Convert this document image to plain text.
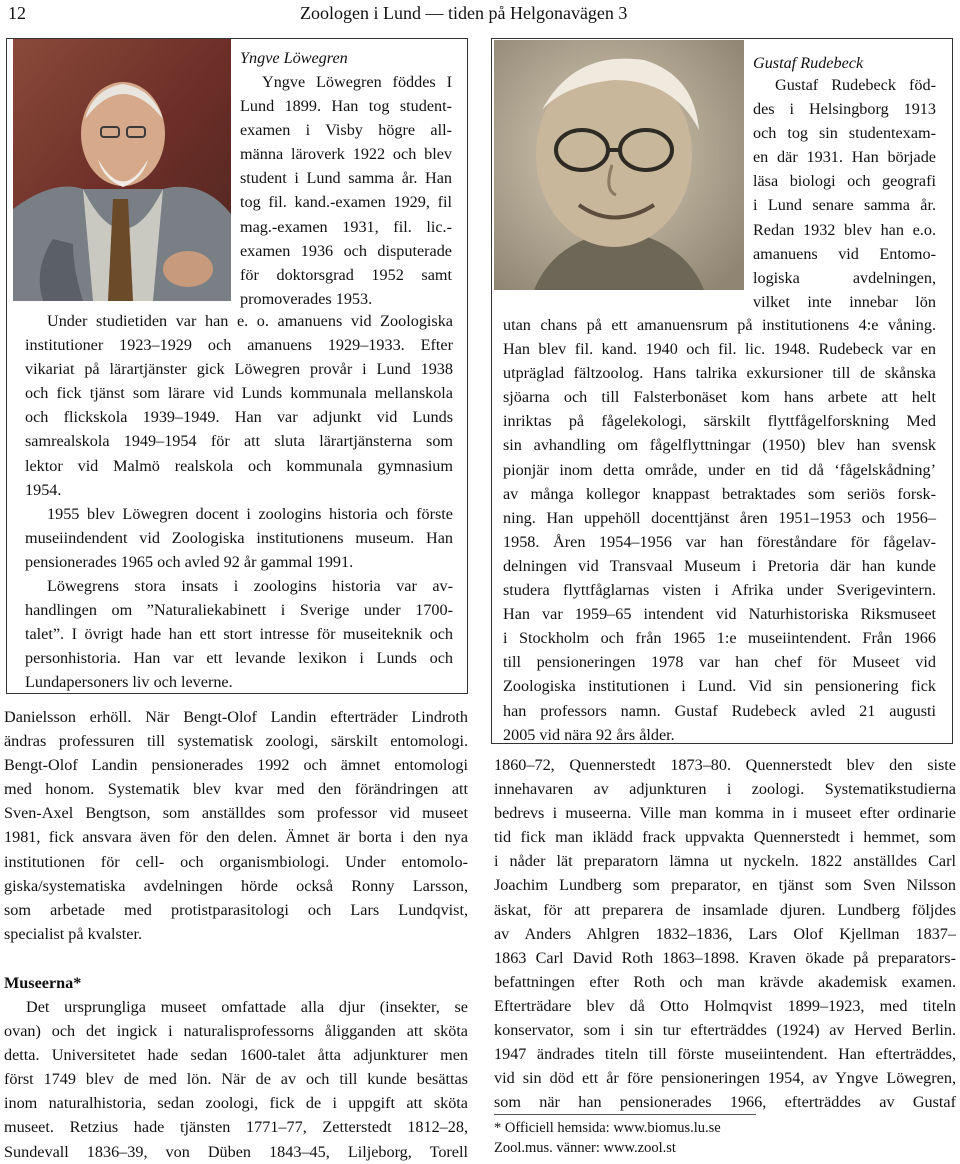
12	Zoologen i Lund — tiden på Helgonavägen 3
Yngve Löwegren
Yngve Löwegren föddes I
Lund 1899. Han tog student-
examen i Visby högre all-
männa läroverk 1922 och blev
student i Lund samma år. Han
tog fil. kand.-examen 1929, fil
mag.-examen 1931, fil. lic.-
examen 1936 och disputerade
för doktorsgrad 1952 samt
promoverades 1953.
Under studietiden var han e. o. amanuens vid Zoologiska
institutioner 1923–1929 och amanuens 1929–1933. Efter
vikariat på lärartjänster gick Löwegren provår i Lund 1938
och fick tjänst som lärare vid Lunds kommunala mellanskola
och flickskola 1939–1949. Han var adjunkt vid Lunds
samrealskola 1949–1954 för att sluta lärartjänsterna som
lektor vid Malmö realskola och kommunala gymnasium
1954.
1955 blev Löwegren docent i zoologins historia och förste
museiindendent vid Zoologiska institutionens museum. Han
pensionerades 1965 och avled 92 år gammal 1991.
Löwegrens stora insats i zoologins historia var av-
handlingen om ”Naturaliekabinett i Sverige under 1700-
talet”. I övrigt hade han ett stort intresse för museiteknik och
personhistoria. Han var ett levande lexikon i Lunds och
Lundapersoners liv och leverne.
Gustaf Rudebeck
Gustaf Rudebeck föd-
des i Helsingborg 1913
och tog sin studentexam-
en där 1931. Han började
läsa biologi och geografi
i Lund senare samma år.
Redan 1932 blev han e.o.
amanuens vid Entomo-
logiska avdelningen,
vilket inte innebar lön
utan chans på ett amanuensrum på institutionens 4:e våning.
Han blev fil. kand. 1940 och fil. lic. 1948. Rudebeck var en
utpräglad fältzoolog. Hans talrika exkursioner till de skånska
sjöarna och till Falsterbonäset kom hans arbete att helt
inriktas på fågelekologi, särskilt flyttfågelforskning Med
sin avhandling om fågelflyttningar (1950) blev han svensk
pionjär inom detta område, under en tid då ‘fågelskådning’
av många kollegor knappast betraktades som seriös forsk-
ning. Han uppehöll docenttjänst åren 1951–1953 och 1956–
1958. Åren 1954–1956 var han föreståndare för fågelav-
delningen vid Transvaal Museum i Pretoria där han kunde
studera flyttfåglarnas visten i Afrika under Sverigevintern.
Han var 1959–65 intendent vid Naturhistoriska Riksmuseet
i Stockholm och från 1965 1:e museiintendent. Från 1966
till pensioneringen 1978 var han chef för Museet vid
Zoologiska institutionen i Lund. Vid sin pensionering fick
han professors namn. Gustaf Rudebeck avled 21 augusti
2005 vid nära 92 års ålder.
Danielsson erhöll. När Bengt-Olof Landin efterträder Lindroth
ändras professuren till systematisk zoologi, särskilt entomologi.
Bengt-Olof Landin pensionerades 1992 och ämnet entomologi
med honom. Systematik blev kvar med den förändringen att
Sven-Axel Bengtson, som anställdes som professor vid museet
1981, fick ansvara även för den delen. Ämnet är borta i den nya
institutionen för cell- och organismbiologi. Under entomolo-
giska/systematiska avdelningen hörde också Ronny Larsson,
som arbetade med protistparasitologi och Lars Lundqvist,
specialist på kvalster.
Museerna*
Det ursprungliga museet omfattade alla djur (insekter, se
ovan) och det ingick i naturalisprofessorns åligganden att sköta
detta. Universitetet hade sedan 1600-talet åtta adjunkturer men
först 1749 blev de med lön. När de av och till kunde besättas
inom naturalhistoria, sedan zoologi, fick de i uppgift att sköta
museet. Retzius hade tjänsten 1771–77, Zetterstedt 1812–28,
Sundevall 1836–39, von Düben 1843–45, Liljeborg, Torell
1860–72, Quennerstedt 1873–80. Quennerstedt blev den siste
innehavaren av adjunkturen i zoologi. Systematikstudierna
bedrevs i museerna. Ville man komma in i museet efter ordinarie
tid fick man iklädd frack uppvakta Quennerstedt i hemmet, som
i nåder lät preparatorn lämna ut nyckeln. 1822 anställdes Carl
Joachim Lundberg som preparator, en tjänst som Sven Nilsson
äskat, för att preparera de insamlade djuren. Lundberg följdes
av Anders Ahlgren 1832–1836, Lars Olof Kjellman 1837–
1863 Carl David Roth 1863–1898. Kraven ökade på preparators-
befattningen efter Roth och man krävde akademisk examen.
Efterträdare blev då Otto Holmqvist 1899–1923, med titeln
konservator, som i sin tur efterträddes (1924) av Herved Berlin.
1947 ändrades titeln till förste museiintendent. Han efterträddes,
vid sin död ett år före pensioneringen 1954, av Yngve Löwegren,
som när han pensionerades 1966, efterträddes av Gustaf
* Officiell hemsida: www.biomus.lu.se
Zool.mus. vänner: www.zool.st
